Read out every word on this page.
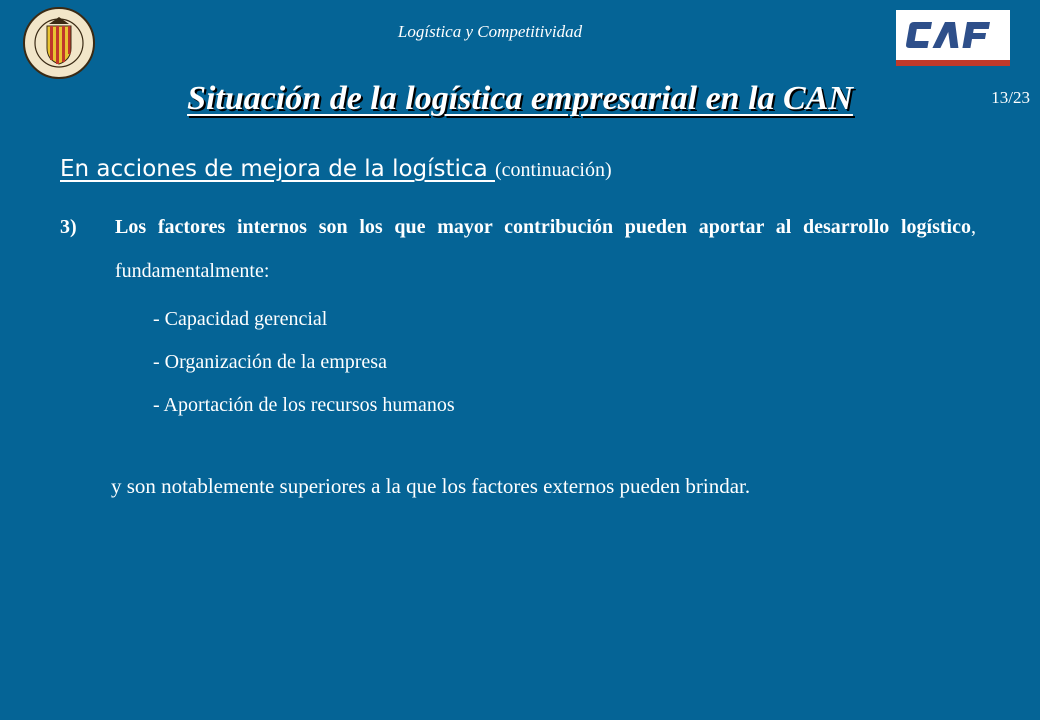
Logística y Competitividad
13/23
Situación de la logística empresarial en la CAN
En acciones de mejora de la logística (continuación)
3) Los factores internos son los que mayor contribución pueden aportar al desarrollo logístico, fundamentalmente:
- Capacidad gerencial
- Organización de la empresa
- Aportación de los recursos humanos
y son notablemente superiores a la que los factores externos pueden brindar.
